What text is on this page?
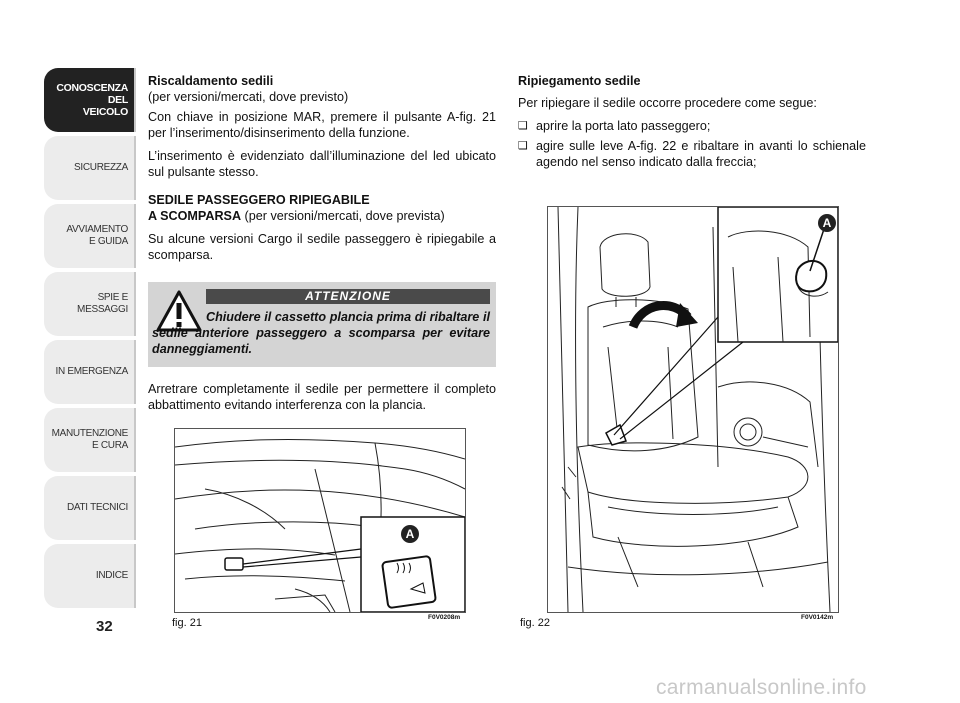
CONOSCENZA
DEL
VEICOLO
SICUREZZA
AVVIAMENTO
E GUIDA
SPIE E
MESSAGGI
IN EMERGENZA
MANUTENZIONE
E CURA
DATI TECNICI
INDICE
32
Riscaldamento sedili
(per versioni/mercati, dove previsto)

Con chiave in posizione MAR, premere il pulsante A-fig. 21 per l’inserimento/disinserimento della funzione.

L’inserimento è evidenziato dall’illuminazione del led ubicato sul pulsante stesso.

SEDILE PASSEGGERO RIPIEGABILE
A SCOMPARSA (per versioni/mercati, dove prevista)

Su alcune versioni Cargo il sedile passeggero è ripiegabile a scomparsa.

ATTENZIONE
Chiudere il cassetto plancia prima di ribaltare il sedile anteriore passeggero a scomparsa per evitare danneggiamenti.
Arretrare completamente il sedile per permettere il completo abbattimento evitando interferenza con la plancia.
A
fig. 21	F0V0208m
Ripiegamento sedile

Per ripiegare il sedile occorre procedere come segue:

❑ aprire la porta lato passeggero;
❑ agire sulle leve A-fig. 22 e ribaltare in avanti lo schienale agendo nel senso indicato dalla freccia;
A
fig. 22	F0V0142m
carmanualsonline.info
